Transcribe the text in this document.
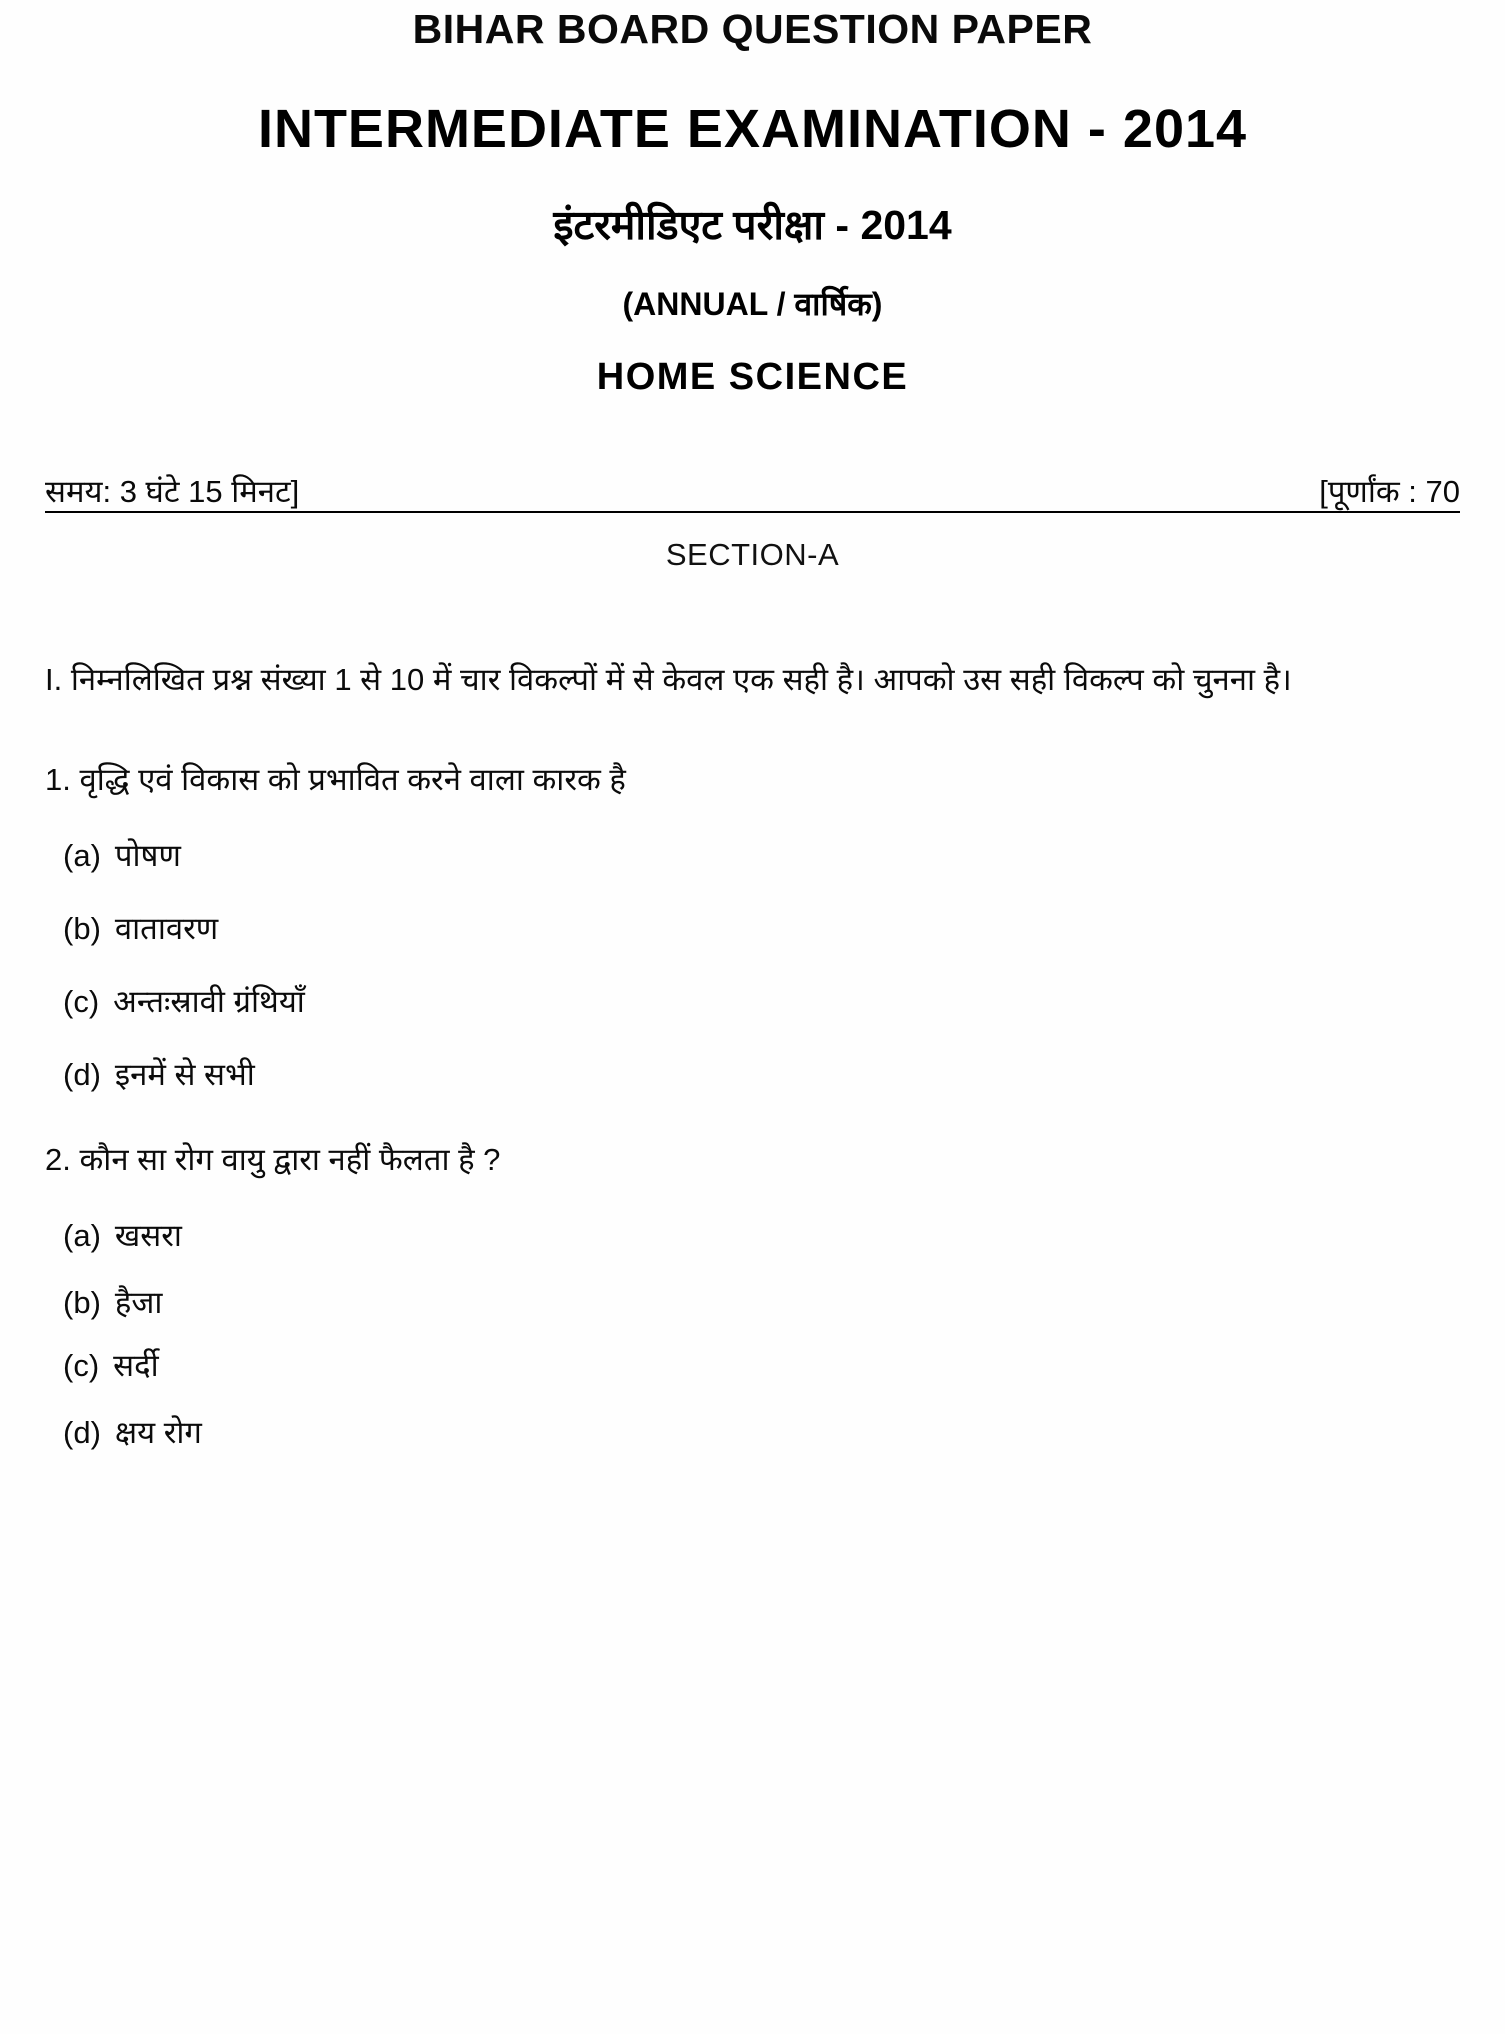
BIHAR BOARD QUESTION PAPER
INTERMEDIATE EXAMINATION - 2014
इंटरमीडिएट परीक्षा - 2014
(ANNUAL / वार्षिक)
HOME SCIENCE
समय: 3 घंटे 15 मिनट]	[पूर्णांक : 70
SECTION-A

I. निम्नलिखित प्रश्न संख्या 1 से 10 में चार विकल्पों में से केवल एक सही है। आपको उस सही विकल्प को चुनना है।

1. वृद्धि एवं विकास को प्रभावित करने वाला कारक है

(a) पोषण

(b) वातावरण

(c) अन्तःस्रावी ग्रंथियाँ

(d) इनमें से सभी

2. कौन सा रोग वायु द्वारा नहीं फैलता है ?

(a) खसरा

(b) हैजा

(c) सर्दी

(d) क्षय रोग
